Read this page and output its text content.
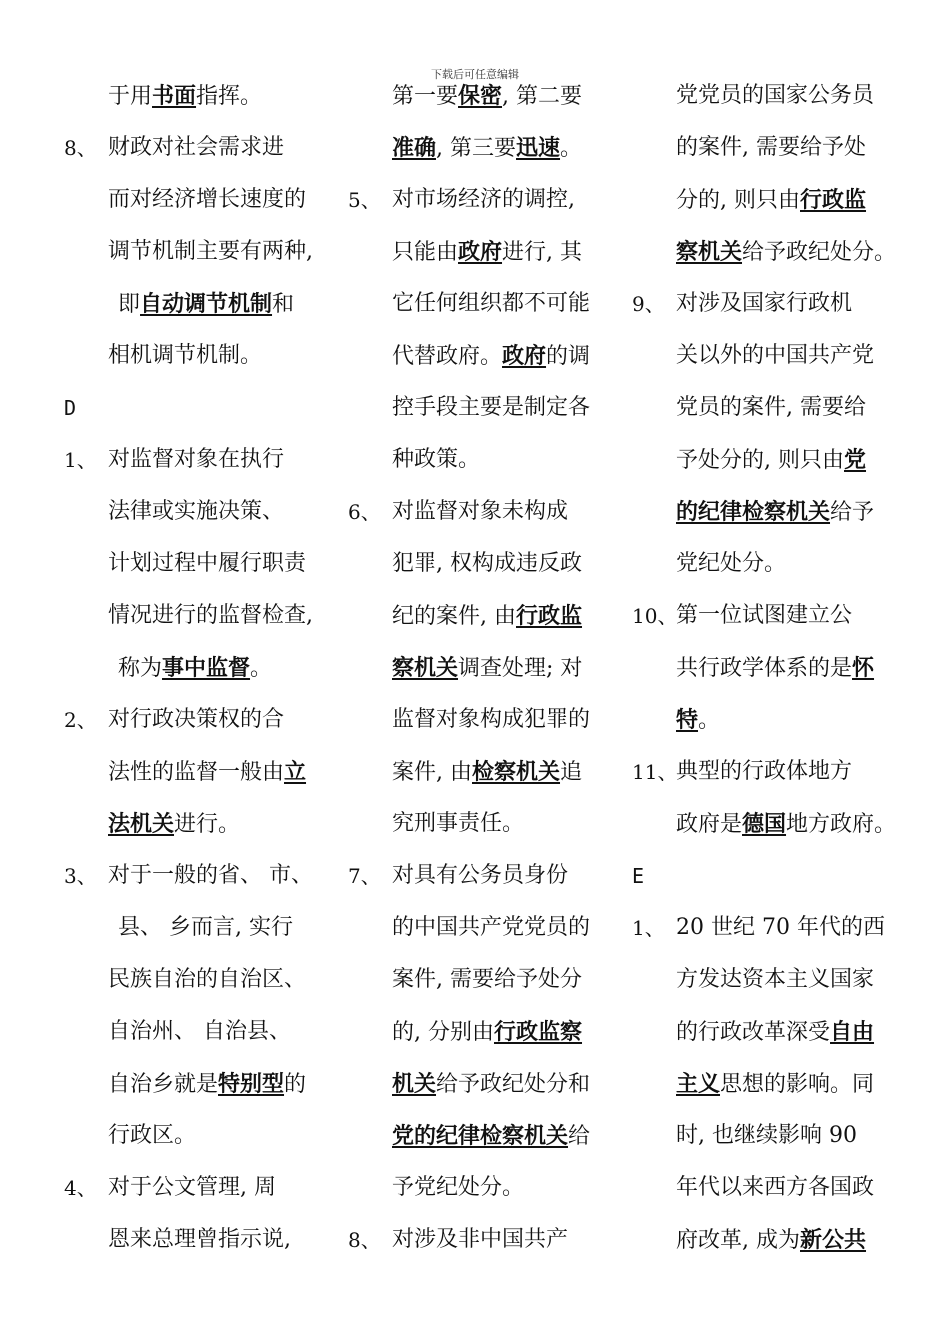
下载后可任意编辑
于用书面指挥。
8、 财政对社会需求进
而对经济增长速度的
调节机制主要有两种,
即自动调节机制和
相机调节机制。
D
1、 对监督对象在执行
法律或实施决策、
计划过程中履行职责
情况进行的监督检查,
称为事中监督。
2、 对行政决策权的合
法性的监督一般由立
法机关进行。
3、 对于一般的省、 市、
县、 乡而言, 实行
民族自治的自治区、
自治州、 自治县、
自治乡就是特别型的
行政区。
4、 对于公文管理, 周
恩来总理曾指示说,
第一要保密, 第二要
准确, 第三要迅速。
5、 对市场经济的调控,
只能由政府进行, 其
它任何组织都不可能
代替政府。政府的调
控手段主要是制定各
种政策。
6、 对监督对象未构成
犯罪, 权构成违反政
纪的案件, 由行政监
察机关调查处理; 对
监督对象构成犯罪的
案件, 由检察机关追
究刑事责任。
7、 对具有公务员身份
的中国共产党党员的
案件, 需要给予处分
的, 分别由行政监察
机关给予政纪处分和
党的纪律检察机关给
予党纪处分。
8、 对涉及非中国共产
党党员的国家公务员
的案件, 需要给予处
分的, 则只由行政监
察机关给予政纪处分。
9、 对涉及国家行政机
关以外的中国共产党
党员的案件, 需要给
予处分的, 则只由党
的纪律检察机关给予
党纪处分。
10、
第一位试图建立公
共行政学体系的是怀
特。
11、
典型的行政体地方
政府是德国地方政府。
E
1、 20 世纪 70 年代的西
方发达资本主义国家
的行政改革深受自由
主义思想的影响。同
时, 也继续影响 90
年代以来西方各国政
府改革, 成为新公共
